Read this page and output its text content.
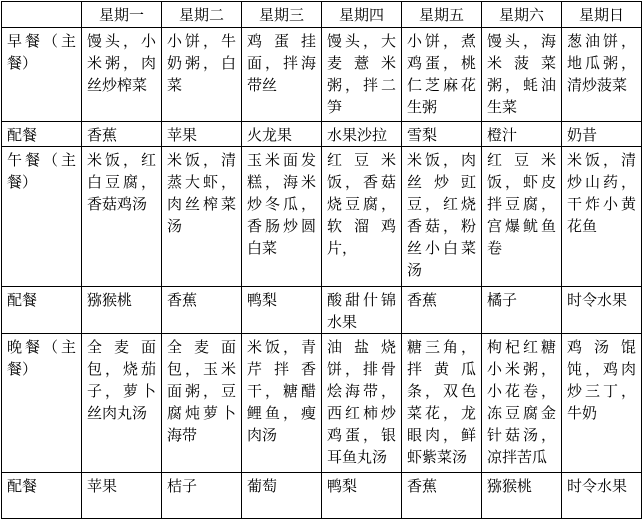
	星期一	星期二	星期三	星期四	星期五	星期六	星期日
早餐（主餐）	馒头，小米粥，肉丝炒榨菜	小饼，牛奶粥，白菜	鸡蛋挂面，拌海带丝	馒头，大麦薏米粥，拌二笋	小饼，煮鸡蛋，桃仁芝麻花生粥	馒头，海米菠菜粥，蚝油生菜	葱油饼，地瓜粥，清炒菠菜
配餐	香蕉	苹果	火龙果	水果沙拉	雪梨	橙汁	奶昔
午餐（主餐）	米饭，红白豆腐，香菇鸡汤	米饭，清蒸大虾，肉丝榨菜汤	玉米面发糕，海米炒冬瓜，香肠炒圆白菜	红豆米饭，香菇烧豆腐，软溜鸡片，	米饭，肉丝炒豇豆，红烧香菇，粉丝小白菜汤	红豆米饭，虾皮拌豆腐，宫爆鱿鱼卷	米饭，清炒山药，干炸小黄花鱼
配餐	猕猴桃	香蕉	鸭梨	酸甜什锦水果	香蕉	橘子	时令水果
晚餐（主餐）	全麦面包，烧茄子，萝卜丝肉丸汤	全麦面包，玉米面粥，豆腐炖萝卜海带	米饭，青芹拌香干，糖醋鲤鱼，瘦肉汤	油盐烧饼，排骨烩海带，西红柿炒鸡蛋，银耳鱼丸汤	糖三角，拌黄瓜条，双色菜花，龙眼肉，鲜虾紫菜汤	枸杞红糖小米粥，小花卷，冻豆腐金针菇汤，凉拌苦瓜	鸡汤馄饨，鸡肉炒三丁，牛奶
配餐	苹果	桔子	葡萄	鸭梨	香蕉	猕猴桃	时令水果
